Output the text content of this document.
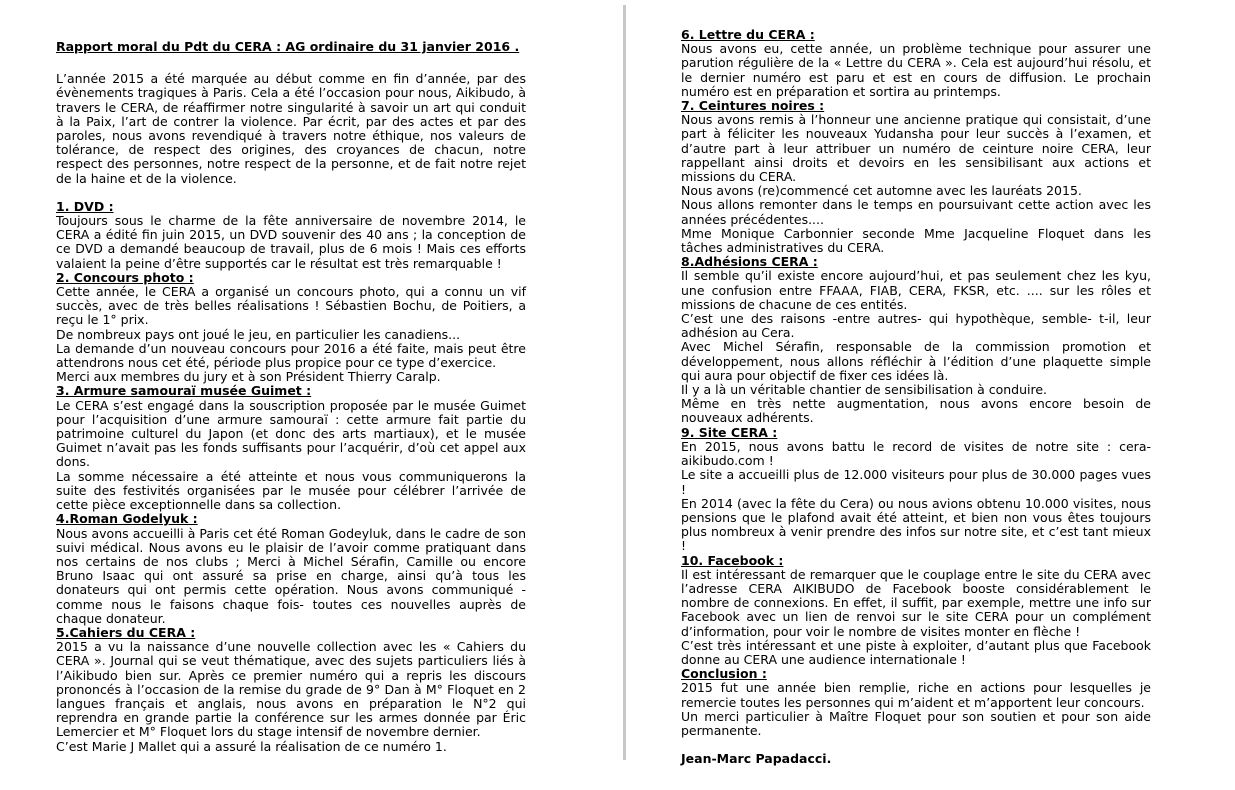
Rapport moral du Pdt du CERA : AG ordinaire du 31 janvier 2016 .

L’année 2015 a été marquée au début comme en fin d’année, par des évènements tragiques à Paris. Cela a été l’occasion pour nous, Aikibudo, à travers le CERA, de réaffirmer notre singularité à savoir un art qui conduit à la Paix, l’art de contrer la violence. Par écrit, par des actes et par des paroles, nous avons revendiqué à travers notre éthique, nos valeurs de tolérance, de respect des origines, des croyances de chacun, notre respect des personnes, notre respect de la personne, et de fait notre rejet de la haine et de la violence.

1. DVD :

Toujours sous le charme de la fête anniversaire de novembre 2014, le CERA a édité fin juin 2015, un DVD souvenir des 40 ans ; la conception de ce DVD a demandé beaucoup de travail, plus de 6 mois ! Mais ces efforts valaient la peine d’être supportés car le résultat est très remarquable !

2. Concours photo :

Cette année, le CERA a organisé un concours photo, qui a connu un vif succès, avec de très belles réalisations ! Sébastien Bochu, de Poitiers, a reçu le 1° prix.

De nombreux pays ont joué le jeu, en particulier les canadiens...

La demande d’un nouveau concours pour 2016 a été faite, mais peut être attendrons nous cet été, période plus propice pour ce type d’exercice.

Merci aux membres du jury et à son Président Thierry Caralp.

3. Armure samouraï musée Guimet :

Le CERA s’est engagé dans la souscription proposée par le musée Guimet pour l’acquisition d’une armure samouraï : cette armure fait partie du patrimoine culturel du Japon (et donc des arts martiaux), et le musée Guimet n’avait pas les fonds suffisants pour l’acquérir, d’où cet appel aux dons.

La somme nécessaire a été atteinte et nous vous communiquerons la suite des festivités organisées par le musée pour célébrer l’arrivée de cette pièce exceptionnelle dans sa collection.

4.Roman Godelyuk :

Nous avons accueilli à Paris cet été Roman Godeyluk, dans le cadre de son suivi médical. Nous avons eu le plaisir de l’avoir comme pratiquant dans nos certains de nos clubs ; Merci à Michel Sérafin, Camille ou encore Bruno Isaac qui ont assuré sa prise en charge, ainsi qu’à tous les donateurs qui ont permis cette opération. Nous avons communiqué -comme nous le faisons chaque fois- toutes ces nouvelles auprès de chaque donateur.

5.Cahiers du CERA :

2015 a vu la naissance d’une nouvelle collection avec les « Cahiers du CERA ». Journal qui se veut thématique, avec des sujets particuliers liés à l’Aikibudo bien sur. Après ce premier numéro qui a repris les discours prononcés à l’occasion de la remise du grade de 9° Dan à M° Floquet en 2 langues français et anglais, nous avons en préparation le N°2 qui reprendra en grande partie la conférence sur les armes donnée par Éric Lemercier et M° Floquet lors du stage intensif de novembre dernier.

C’est Marie J Mallet qui a assuré la réalisation de ce numéro 1.

6. Lettre du CERA :

Nous avons eu, cette année, un problème technique pour assurer une parution régulière de la « Lettre du CERA ». Cela est aujourd’hui résolu, et le dernier numéro est paru et est en cours de diffusion. Le prochain numéro est en préparation et sortira au printemps.

7. Ceintures noires :

Nous avons remis à l’honneur une ancienne pratique qui consistait, d’une part à féliciter les nouveaux Yudansha pour leur succès à l’examen, et d’autre part à leur attribuer un numéro de ceinture noire CERA, leur rappellant ainsi droits et devoirs en les sensibilisant aux actions et missions du CERA.

Nous avons (re)commencé cet automne avec les lauréats 2015.

Nous allons remonter dans le temps en poursuivant cette action avec les années précédentes....

Mme Monique Carbonnier seconde Mme Jacqueline Floquet dans les tâches administratives du CERA.

8.Adhésions CERA :

Il semble qu’il existe encore aujourd’hui, et pas seulement chez les kyu, une confusion entre FFAAA, FIAB, CERA, FKSR, etc. .... sur les rôles et missions de chacune de ces entités.

C’est une des raisons -entre autres- qui hypothèque, semble- t-il, leur adhésion au Cera.

Avec Michel Sérafin, responsable de la commission promotion et développement, nous allons réfléchir à l’édition d’une plaquette simple qui aura pour objectif de fixer ces idées là.

Il y a là un véritable chantier de sensibilisation à conduire.

Même en très nette augmentation, nous avons encore besoin de nouveaux adhérents.

9. Site CERA :

En 2015, nous avons battu le record de visites de notre site : cera-aikibudo.com !

Le site a accueilli plus de 12.000 visiteurs pour plus de 30.000 pages vues !

En 2014 (avec la fête du Cera) ou nous avions obtenu 10.000 visites, nous pensions que le plafond avait été atteint, et bien non vous êtes toujours plus nombreux à venir prendre des infos sur notre site, et c’est tant mieux !

10. Facebook :

Il est intéressant de remarquer que le couplage entre le site du CERA avec l’adresse CERA AIKIBUDO de Facebook booste considérablement le nombre de connexions. En effet, il suffit, par exemple, mettre une info sur Facebook avec un lien de renvoi sur le site CERA pour un complément d’information, pour voir le nombre de visites monter en flèche !

C’est très intéressant et une piste à exploiter, d’autant plus que Facebook donne au CERA une audience internationale !

Conclusion :

2015 fut une année bien remplie, riche en actions pour lesquelles je remercie toutes les personnes qui m’aident et m’apportent leur concours.

Un merci particulier à Maître Floquet pour son soutien et pour son aide permanente.

Jean-Marc Papadacci.
